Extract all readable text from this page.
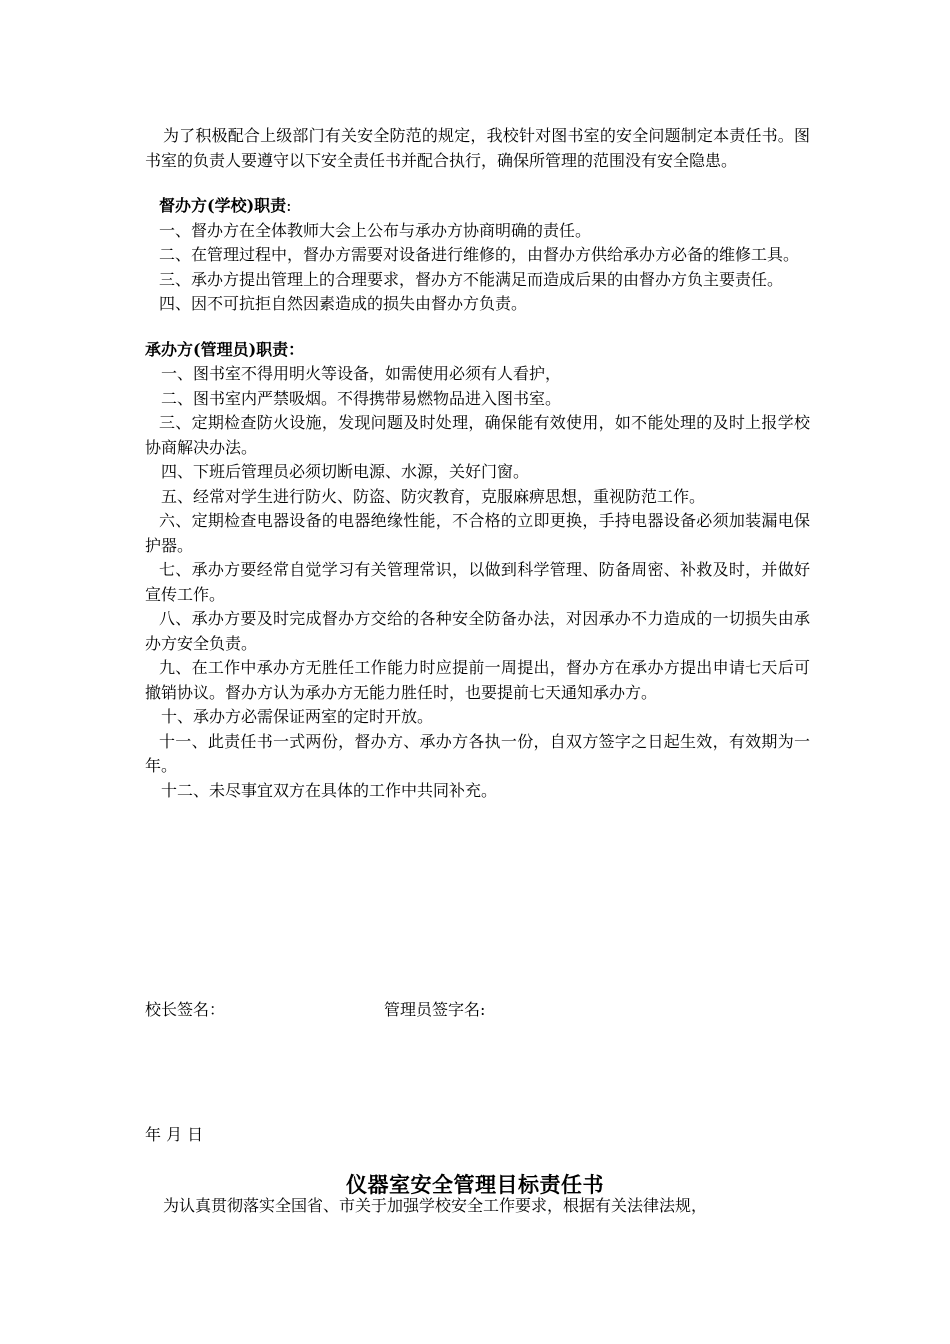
为了积极配合上级部门有关安全防范的规定，我校针对图书室的安全问题制定本责任书。图书室的负责人要遵守以下安全责任书并配合执行，确保所管理的范围没有安全隐患。

督办方(学校)职责:

一、督办方在全体教师大会上公布与承办方协商明确的责任。

二、在管理过程中，督办方需要对设备进行维修的，由督办方供给承办方必备的维修工具。

三、承办方提出管理上的合理要求，督办方不能满足而造成后果的由督办方负主要责任。

四、因不可抗拒自然因素造成的损失由督办方负责。

承办方(管理员)职责：

一、图书室不得用明火等设备，如需使用必须有人看护，

二、图书室内严禁吸烟。不得携带易燃物品进入图书室。

三、定期检查防火设施，发现问题及时处理，确保能有效使用，如不能处理的及时上报学校协商解决办法。

四、下班后管理员必须切断电源、水源，关好门窗。

五、经常对学生进行防火、防盗、防灾教育，克服麻痹思想，重视防范工作。

六、定期检查电器设备的电器绝缘性能，不合格的立即更换，手持电器设备必须加装漏电保护器。

七、承办方要经常自觉学习有关管理常识，以做到科学管理、防备周密、补救及时，并做好宣传工作。

八、承办方要及时完成督办方交给的各种安全防备办法，对因承办不力造成的一切损失由承办方安全负责。

九、在工作中承办方无胜任工作能力时应提前一周提出，督办方在承办方提出申请七天后可撤销协议。督办方认为承办方无能力胜任时，也要提前七天通知承办方。

十、承办方必需保证两室的定时开放。

十一、此责任书一式两份，督办方、承办方各执一份，自双方签字之日起生效，有效期为一年。

十二、未尽事宜双方在具体的工作中共同补充。

校长签名：	管理员签字名:
年 月 日
仪器室安全管理目标责任书
为认真贯彻落实全国省、市关于加强学校安全工作要求，根据有关法律法规，
